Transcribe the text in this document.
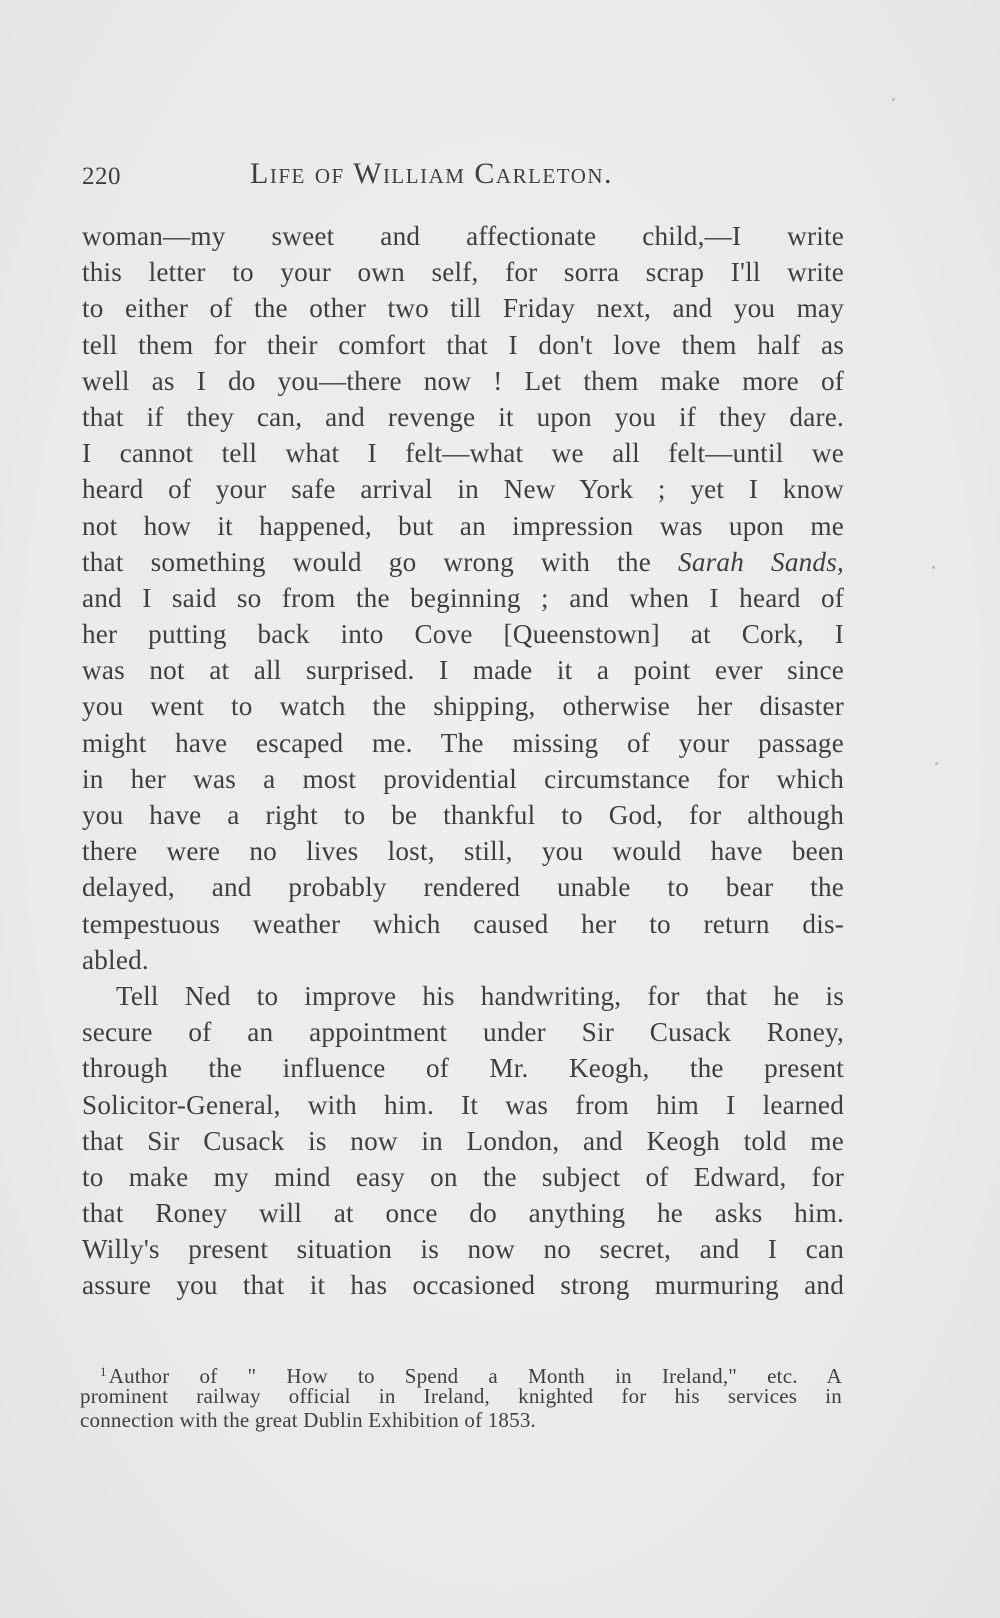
220	Life of William Carleton.
woman—my sweet and affectionate child,—I write
this letter to your own self, for sorra scrap I'll write
to either of the other two till Friday next, and you may
tell them for their comfort that I don't love them half as
well as I do you—there now ! Let them make more of
that if they can, and revenge it upon you if they dare.
I cannot tell what I felt—what we all felt—until we
heard of your safe arrival in New York ; yet I know
not how it happened, but an impression was upon me
that something would go wrong with the Sarah Sands,
and I said so from the beginning ; and when I heard of
her putting back into Cove [Queenstown] at Cork, I
was not at all surprised. I made it a point ever since
you went to watch the shipping, otherwise her disaster
might have escaped me. The missing of your passage
in her was a most providential circumstance for which
you have a right to be thankful to God, for although
there were no lives lost, still, you would have been
delayed, and probably rendered unable to bear the
tempestuous weather which caused her to return dis-
abled.
Tell Ned to improve his handwriting, for that he is
secure of an appointment under Sir Cusack Roney,
through the influence of Mr. Keogh, the present
Solicitor-General, with him. It was from him I learned
that Sir Cusack is now in London, and Keogh told me
to make my mind easy on the subject of Edward, for
that Roney will at once do anything he asks him.
Willy's present situation is now no secret, and I can
assure you that it has occasioned strong murmuring and
$^1$Author of " How to Spend a Month in Ireland," etc. A
prominent railway official in Ireland, knighted for his services in
connection with the great Dublin Exhibition of 1853.
